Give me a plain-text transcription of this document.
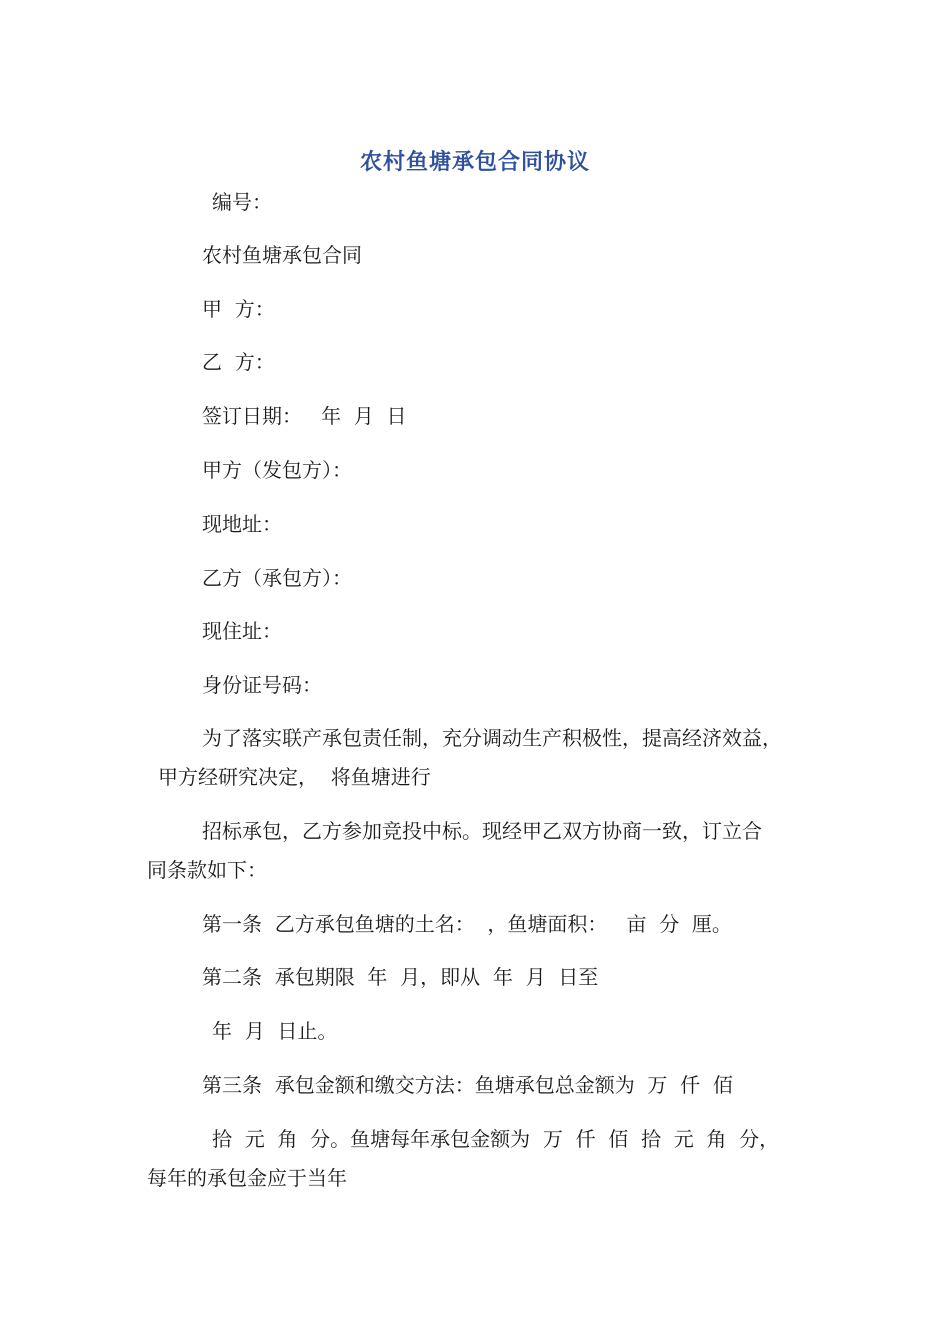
农村鱼塘承包合同协议

编号：

农村鱼塘承包合同

甲  方：

乙  方：

签订日期：   年  月  日

甲方（发包方）：

现地址：

乙方（承包方）：

现住址：

身份证号码：

为了落实联产承包责任制，充分调动生产积极性，提高经济效益，

甲方经研究决定，  将鱼塘进行

招标承包，乙方参加竞投中标。现经甲乙双方协商一致，订立合

同条款如下：

第一条  乙方承包鱼塘的土名：  ，鱼塘面积：   亩  分  厘。

第二条  承包期限  年  月，即从  年  月  日至

年  月  日止。

第三条  承包金额和缴交方法：鱼塘承包总金额为  万  仟  佰

拾  元  角  分。鱼塘每年承包金额为  万  仟  佰  拾  元  角  分，

每年的承包金应于当年
